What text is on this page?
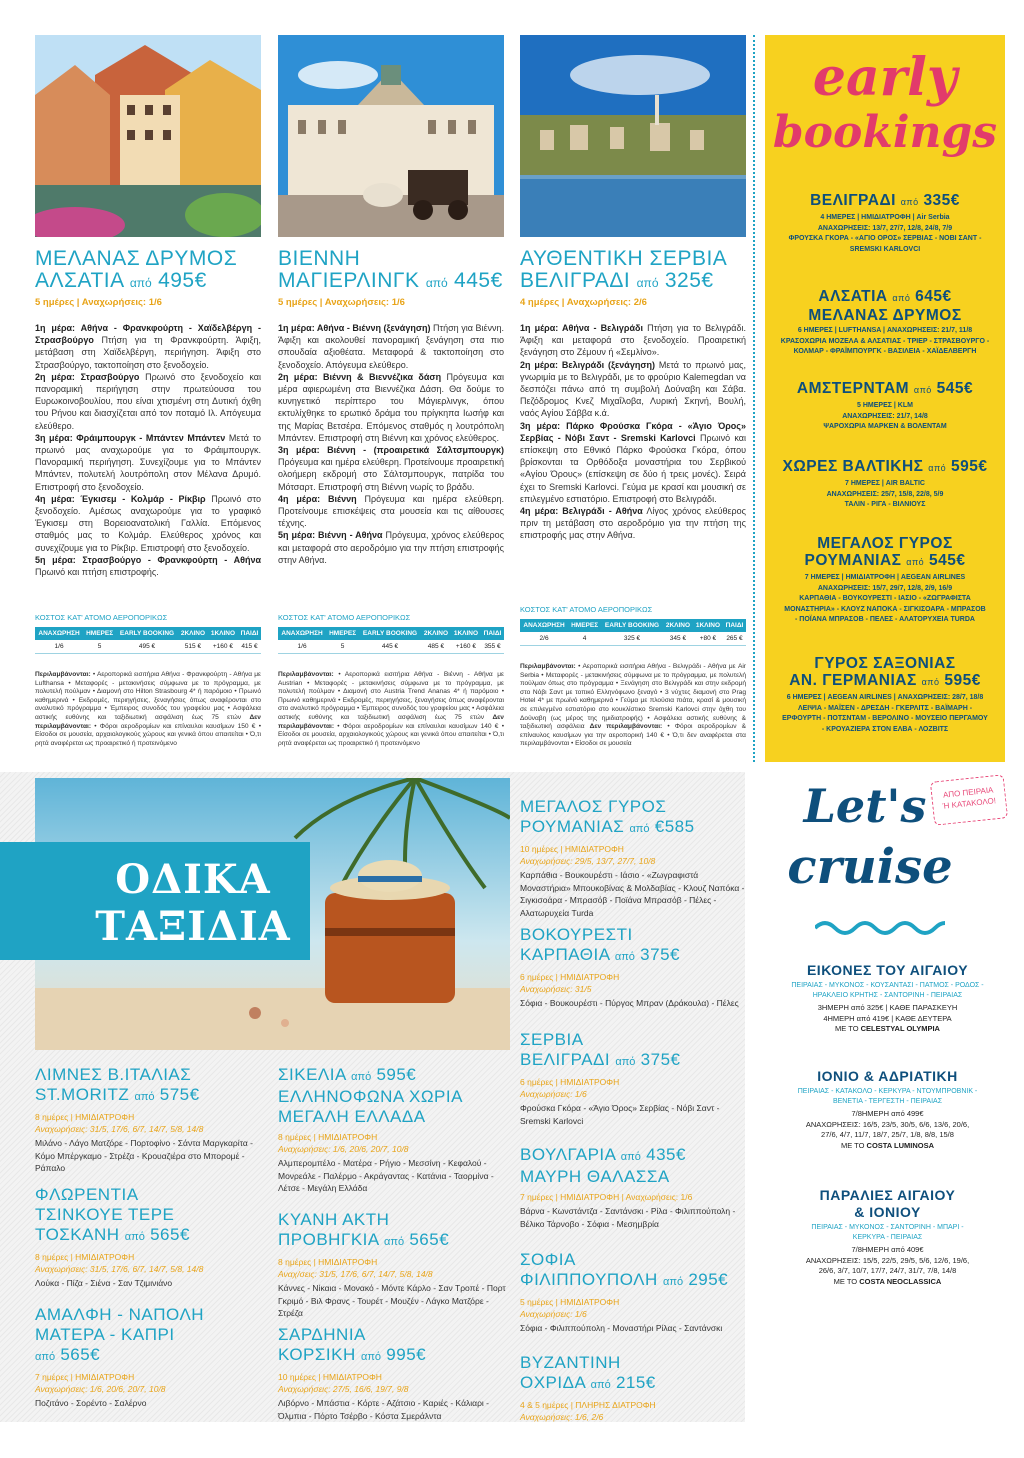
ΜΕΛΑΝΑΣ ΔΡΥΜΟΣ
ΑΛΣΑΤΙΑ από 495€
5 ημέρες | Αναχωρήσεις: 1/6

1η μέρα: Αθήνα - Φρανκφούρτη - Χαϊδελβέργη - Στρασβούργο Πτήση για τη Φρανκφούρτη. Άφιξη, μετάβαση στη Χαϊδελβέργη, περιήγηση. Άφιξη στο Στρασβούργο, τακτοποίηση στο ξενοδοχείο.

2η μέρα: Στρασβούργο Πρωινό στο ξενοδοχείο και πανοραμική περιήγηση στην πρωτεύουσα του Ευρωκοινοβουλίου, που είναι χτισμένη στη Δυτική όχθη του Ρήνου και διασχίζεται από τον ποταμό Ιλ. Απόγευμα ελεύθερο.

3η μέρα: Φράιμπουργκ - Μπάντεν Μπάντεν Μετά το πρωινό μας αναχωρούμε για το Φράιμπουργκ. Πανοραμική περιήγηση. Συνεχίζουμε για το Μπάντεν Μπάντεν, πολυτελή λουτρόπολη στον Μέλανα Δρυμό. Επιστροφή στο ξενοδοχείο.

4η μέρα: Έγκισεμ - Κολμάρ - Ρίκβιρ Πρωινό στο ξενοδοχείο. Αμέσως αναχωρούμε για το γραφικό Έγκισεμ στη Βορειοανατολική Γαλλία. Επόμενος σταθμός μας το Κολμάρ. Ελεύθερος χρόνος και συνεχίζουμε για το Ρίκβιρ. Επιστροφή στο ξενοδοχείο.

5η μέρα: Στρασβούργο - Φρανκφούρτη - Αθήνα Πρωινό και πτήση επιστροφής.

ΚΟΣΤΟΣ ΚΑΤ' ΑΤΟΜΟ ΑΕΡΟΠΟΡΙΚΩΣ
ΑΝΑΧΩΡΗΣΗ	ΗΜΕΡΕΣ	EARLY BOOKING	2ΚΛΙΝΟ	1ΚΛΙΝΟ	ΠΑΙΔΙ
1/6	5	495 €	515 €	+160 €	415 €
Περιλαμβάνονται: • Αεροπορικά εισιτήρια Αθήνα - Φρανκφούρτη - Αθήνα με Lufthansa • Μεταφορές - μετακινήσεις σύμφωνα με το πρόγραμμα, με πολυτελή πούλμαν • Διαμονή στο Hilton Strasbourg 4* ή παρόμοιο • Πρωινό καθημερινά • Εκδρομές, περιηγήσεις, ξεναγήσεις όπως αναφέρονται στο αναλυτικό πρόγραμμα • Έμπειρος συνοδός του γραφείου μας • Ασφάλεια αστικής ευθύνης και ταξιδιωτική ασφάλιση έως 75 ετών Δεν περιλαμβάνονται: • Φόροι αεροδρομίων και επίναυλοι καυσίμων 150 € • Είσοδοι σε μουσεία, αρχαιολογικούς χώρους και γενικά όπου απαιτείται • Ό,τι ρητά αναφέρεται ως προαιρετικό ή προτεινόμενο
ΒΙΕΝΝΗ
ΜΑΓΙΕΡΛΙΝΓΚ από 445€
5 ημέρες | Αναχωρήσεις: 1/6

1η μέρα: Αθήνα - Βιέννη (ξενάγηση) Πτήση για Βιέννη. Άφιξη και ακολουθεί πανοραμική ξενάγηση στα πιο σπουδαία αξιοθέατα. Μεταφορά & τακτοποίηση στο ξενοδοχείο. Απόγευμα ελεύθερο.

2η μέρα: Βιέννη & Βιεννέζικα δάση Πρόγευμα και μέρα αφιερωμένη στα Βιεννέζικα Δάση. Θα δούμε το κυνηγετικό περίπτερο του Μάγιερλινγκ, όπου εκτυλίχθηκε το ερωτικό δράμα του πρίγκηπα Ιωσήφ και της Μαρίας Βετσέρα. Επόμενος σταθμός η λουτρόπολη Μπάντεν. Επιστροφή στη Βιέννη και χρόνος ελεύθερος.

3η μέρα: Βιέννη - (προαιρετικά Σάλτσμπουργκ) Πρόγευμα και ημέρα ελεύθερη. Προτείνουμε προαιρετική ολοήμερη εκδρομή στο Σάλτσμπουργκ, πατρίδα του Μότσαρτ. Επιστροφή στη Βιέννη νωρίς το βράδυ.

4η μέρα: Βιέννη Πρόγευμα και ημέρα ελεύθερη. Προτείνουμε επισκέψεις στα μουσεία και τις αίθουσες τέχνης.

5η μέρα: Βιέννη - Αθήνα Πρόγευμα, χρόνος ελεύθερος και μεταφορά στο αεροδρόμιο για την πτήση επιστροφής στην Αθήνα.

ΚΟΣΤΟΣ ΚΑΤ' ΑΤΟΜΟ ΑΕΡΟΠΟΡΙΚΩΣ
ΑΝΑΧΩΡΗΣΗ	ΗΜΕΡΕΣ	EARLY BOOKING	2ΚΛΙΝΟ	1ΚΛΙΝΟ	ΠΑΙΔΙ
1/6	5	445 €	485 €	+160 €	355 €
Περιλαμβάνονται: • Αεροπορικά εισιτήρια Αθήνα - Βιέννη - Αθήνα με Austrian • Μεταφορές - μετακινήσεις σύμφωνα με το πρόγραμμα, με πολυτελή πούλμαν • Διαμονή στο Austria Trend Ananas 4* ή παρόμοιο • Πρωινό καθημερινά • Εκδρομές, περιηγήσεις, ξεναγήσεις όπως αναφέρονται στο αναλυτικό πρόγραμμα • Έμπειρος συνοδός του γραφείου μας • Ασφάλεια αστικής ευθύνης και ταξιδιωτική ασφάλιση έως 75 ετών Δεν περιλαμβάνονται: • Φόροι αεροδρομίων και επίναυλοι καυσίμων 140 € • Είσοδοι σε μουσεία, αρχαιολογικούς χώρους και γενικά όπου απαιτείται • Ό,τι ρητά αναφέρεται ως προαιρετικό ή προτεινόμενο
ΑΥΘΕΝΤΙΚΗ ΣΕΡΒΙΑ
ΒΕΛΙΓΡΑΔΙ από 325€
4 ημέρες | Αναχωρήσεις: 2/6

1η μέρα: Αθήνα - Βελιγράδι Πτήση για το Βελιγράδι. Άφιξη και μεταφορά στο ξενοδοχείο. Προαιρετική ξενάγηση στο Ζέμουν ή «Σεμλίνο».

2η μέρα: Βελιγράδι (ξενάγηση) Μετά το πρωινό μας, γνωριμία με το Βελιγράδι, με το φρούριο Kalemegdan να δεσπόζει πάνω από τη συμβολή Δούναβη και Σάβα. Πεζόδρομος Κνεζ Μιχαΐλοβα, Λυρική Σκηνή, Βουλή, ναός Αγίου Σάββα κ.ά.

3η μέρα: Πάρκο Φρούσκα Γκόρα - «Άγιο Όρος» Σερβίας - Νόβι Σαντ - Sremski Karlovci Πρωινό και επίσκεψη στο Εθνικό Πάρκο Φρούσκα Γκόρα, όπου βρίσκονται τα Ορθόδοξα μοναστήρια του Σερβικού «Αγίου Όρους» (επίσκεψη σε δύο ή τρεις μονές). Σειρά έχει το Sremski Karlovci. Γεύμα με κρασί και μουσική σε επιλεγμένο εστιατόριο. Επιστροφή στο Βελιγράδι.

4η μέρα: Βελιγράδι - Αθήνα Λίγος χρόνος ελεύθερος πριν τη μετάβαση στο αεροδρόμιο για την πτήση της επιστροφής μας στην Αθήνα.

ΚΟΣΤΟΣ ΚΑΤ' ΑΤΟΜΟ ΑΕΡΟΠΟΡΙΚΩΣ
ΑΝΑΧΩΡΗΣΗ	ΗΜΕΡΕΣ	EARLY BOOKING	2ΚΛΙΝΟ	1ΚΛΙΝΟ	ΠΑΙΔΙ
2/6	4	325 €	345 €	+80 €	265 €
Περιλαμβάνονται: • Αεροπορικά εισιτήρια Αθήνα - Βελιγράδι - Αθήνα με Air Serbia • Μεταφορές - μετακινήσεις σύμφωνα με το πρόγραμμα, με πολυτελή πούλμαν όπως στο πρόγραμμα • Ξενάγηση στο Βελιγράδι και στην εκδρομή στο Νόβι Σαντ με τοπικό Ελληνόφωνο ξεναγό • 3 νύχτες διαμονή στο Prag Hotel 4* με πρωϊνό καθημερινά • Γεύμα με πλούσια πιάτα, κρασί & μουσική σε επιλεγμένο εστιατόριο στο κουκλίστικο Sremski Karlovci στην όχθη του Δούναβη (ως μέρος της ημιδιατροφής) • Ασφάλεια αστικής ευθύνης & ταξιδιωτική ασφάλεια Δεν περιλαμβάνονται: • Φόροι αεροδρομίων & επίναυλος καυσίμων για την αεροπορική 140 € • Ό,τι δεν αναφέρεται στα περιλαμβάνονται • Είσοδοι σε μουσεία
early
bookings
ΒΕΛΙΓΡΑΔΙ από 335€
4 ΗΜΕΡΕΣ | ΗΜΙΔΙΑΤΡΟΦΗ | Air Serbia
ΑΝΑΧΩΡΗΣΕΙΣ: 13/7, 27/7, 12/8, 24/8, 7/9
ΦΡΟΥΣΚΑ ΓΚΟΡΑ - «ΑΓΙΟ ΟΡΟΣ» ΣΕΡΒΙΑΣ - ΝΟΒΙ ΣΑΝΤ -
SREMSKI KARLOVCI
ΑΛΣΑΤΙΑ από 645€
ΜΕΛΑΝΑΣ ΔΡΥΜΟΣ
6 ΗΜΕΡΕΣ | LUFTHANSA | ΑΝΑΧΩΡΗΣΕΙΣ: 21/7, 11/8
ΚΡΑΣΟΧΩΡΙΑ ΜΟΖΕΛΑ & ΑΛΣΑΤΙΑΣ - ΤΡΙΕΡ - ΣΤΡΑΣΒΟΥΡΓΟ -
ΚΟΛΜΑΡ - ΦΡΑΪΜΠΟΥΡΓΚ - ΒΑΣΙΛΕΙΑ - ΧΑΪΔΕΛΒΕΡΓΗ
ΑΜΣΤΕΡΝΤΑΜ από 545€
5 ΗΜΕΡΕΣ | KLM
ΑΝΑΧΩΡΗΣΕΙΣ: 21/7, 14/8
ΨΑΡΟΧΩΡΙΑ ΜΑΡΚΕΝ & ΒΟΛΕΝΤΑΜ
ΧΩΡΕΣ ΒΑΛΤΙΚΗΣ από 595€
7 ΗΜΕΡΕΣ | AIR BALTIC
ΑΝΑΧΩΡΗΣΕΙΣ: 25/7, 15/8, 22/8, 5/9
ΤΑΛΙΝ - ΡΙΓΑ - ΒΙΛΝΙΟΥΣ
ΜΕΓΑΛΟΣ ΓΥΡΟΣ
ΡΟΥΜΑΝΙΑΣ από 545€
7 ΗΜΕΡΕΣ | ΗΜΙΔΙΑΤΡΟΦΗ | AEGEAN AIRLINES
ΑΝΑΧΩΡΗΣΕΙΣ: 15/7, 29/7, 12/8, 2/9, 16/9
ΚΑΡΠΑΘΙΑ - ΒΟΥΚΟΥΡΕΣΤΙ - ΙΑΣΙΟ - «ΖΩΓΡΑΦΙΣΤΑ
ΜΟΝΑΣΤΗΡΙΑ» - ΚΛΟΥΖ ΝΑΠΟΚΑ - ΣΙΓΚΙΣΟΑΡΑ - ΜΠΡΑΣΟΒ
- ΠΟΪΑΝΑ ΜΠΡΑΣΟΒ - ΠΕΛΕΣ - ΑΛΑΤΟΡΥΧΕΙΑ TURDA
ΓΥΡΟΣ ΣΑΞΟΝΙΑΣ
ΑΝ. ΓΕΡΜΑΝΙΑΣ από 595€
6 ΗΜΕΡΕΣ | AEGEAN AIRLINES | ΑΝΑΧΩΡΗΣΕΙΣ: 28/7, 18/8
ΛΕΙΨΙΑ - ΜΑΪΣΕΝ - ΔΡΕΣΔΗ - ΓΚΕΡΛΙΤΣ - ΒΑΪΜΑΡΗ -
ΕΡΦΟΥΡΤΗ - ΠΟΤΣΝΤΑΜ - ΒΕΡΟΛΙΝΟ - ΜΟΥΣΕΙΟ ΠΕΡΓΑΜΟΥ
- ΚΡΟΥΑΖΙΕΡΑ ΣΤΟΝ ΕΛΒΑ - ΛΟΖΒΙΤΣ
ΟΔΙΚΑ
ΤΑΞΙΔΙΑ
ΛΙΜΝΕΣ Β.ΙΤΑΛΙΑΣ
ST.MORITZ από 575€
8 ημέρες | ΗΜΙΔΙΑΤΡΟΦΗ
Αναχωρήσεις: 31/5, 17/6, 6/7, 14/7, 5/8, 14/8
Μιλάνο - Λάγο Ματζόρε - Πορτοφίνο - Σάντα Μαργκαρίτα - Κόμο Μπέργκαμο - Στρέζα - Κρουαζιέρα στο Μπορομέ - Ράπαλο
ΦΛΩΡΕΝΤΙΑ
ΤΣΙΝΚΟΥΕ ΤΕΡΕ
ΤΟΣΚΑΝΗ από 565€
8 ημέρες | ΗΜΙΔΙΑΤΡΟΦΗ
Αναχωρήσεις: 31/5, 17/6, 6/7, 14/7, 5/8, 14/8
Λούκα - Πίζα - Σιένα - Σαν Τζιμινιάνο
ΑΜΑΛΦΗ - ΝΑΠΟΛΗ
ΜΑΤΕΡΑ - ΚΑΠΡΙ
από 565€
7 ημέρες | ΗΜΙΔΙΑΤΡΟΦΗ
Αναχωρήσεις: 1/6, 20/6, 20/7, 10/8
Ποζιτάνο - Σορέντο - Σαλέρνο
ΣΙΚΕΛΙΑ από 595€
ΕΛΛΗΝΟΦΩΝΑ ΧΩΡΙΑ
ΜΕΓΑΛΗ ΕΛΛΑΔΑ
8 ημέρες | ΗΜΙΔΙΑΤΡΟΦΗ
Αναχωρήσεις: 1/6, 20/6, 20/7, 10/8
Αλμπερομπέλο - Ματέρα - Ρήγιο - Μεσσίνη - Κεφαλού - Μονρεάλε - Παλέρμο - Ακράγαντας - Κατάνια - Ταορμίνα - Λέτσε - Μεγάλη Ελλάδα
ΚΥΑΝΗ ΑΚΤΗ
ΠΡΟΒΗΓΚΙΑ από 565€
8 ημέρες | ΗΜΙΔΙΑΤΡΟΦΗ
Αναχ/σεις: 31/5, 17/6, 6/7, 14/7, 5/8, 14/8
Κάννες - Νίκαια - Μονακό - Μόντε Κάρλο - Σαν Τροπέ - Πορτ Γκριμό - Βιλ Φρανς - Τουρέτ - Μουζέν - Λάγκο Ματζόρε - Στρέζα
ΣΑΡΔΗΝΙΑ
ΚΟΡΣΙΚΗ από 995€
10 ημέρες | ΗΜΙΔΙΑΤΡΟΦΗ
Αναχωρήσεις: 27/5, 16/6, 19/7, 9/8
Λιβόρνο - Μπάστια - Κόρτε - Αζάτσιο - Καριές - Κάλιαρι - Όλμπια - Πόρτο Τσέρβο - Κόστα Σμεράλντα
ΜΕΓΑΛΟΣ ΓΥΡΟΣ
ΡΟΥΜΑΝΙΑΣ από €585
10 ημέρες | ΗΜΙΔΙΑΤΡΟΦΗ
Αναχωρήσεις: 29/5, 13/7, 27/7, 10/8
Καρπάθια - Βουκουρέστι - Ιάσιο - «Ζωγραφιστά Μοναστήρια» Μπουκοβίνας & Μολδαβίας - Κλουζ Ναπόκα - Σιγκισοάρα - Μπρασόβ - Ποϊάνα Μπρασόβ - Πέλες - Αλατωρυχεία Turda
ΒΟΚΟΥΡΕΣΤΙ
ΚΑΡΠΑΘΙΑ από 375€
6 ημέρες | ΗΜΙΔΙΑΤΡΟΦΗ
Αναχωρήσεις: 31/5
Σόφια - Βουκουρέστι - Πύργος Μπραν (Δράκουλα) - Πέλες
ΣΕΡΒΙΑ
ΒΕΛΙΓΡΑΔΙ από 375€
6 ημέρες | ΗΜΙΔΙΑΤΡΟΦΗ
Αναχωρήσεις: 1/6
Φρούσκα Γκόρα - «Άγιο Όρος» Σερβίας - Νόβι Σαντ - Sremski Karlovci
ΒΟΥΛΓΑΡΙΑ από 435€
ΜΑΥΡΗ ΘΑΛΑΣΣΑ
7 ημέρες | ΗΜΙΔΙΑΤΡΟΦΗ | Αναχωρήσεις: 1/6
Βάρνα - Κωνστάντζα - Σαντάνσκι - Ρίλα - Φιλιππούπολη - Βέλικο Τάρνοβο - Σόφια - Μεσημβρία
ΣΟΦΙΑ
ΦΙΛΙΠΠΟΥΠΟΛΗ από 295€
5 ημέρες | ΗΜΙΔΙΑΤΡΟΦΗ
Αναχωρήσεις: 1/6
Σόφια - Φιλιππούπολη - Μοναστήρι Ρίλας - Σαντάνσκι
ΒΥΖΑΝΤΙΝΗ
ΟΧΡΙΔΑ από 215€
4 & 5 ημέρες | ΠΛΗΡΗΣ ΔΙΑΤΡΟΦΗ
Αναχωρήσεις: 1/6, 2/6
ΑΠΟ ΠΕΙΡΑΙΑ
Ή ΚΑΤΑΚΟΛΟ!
Let's
cruise
ΕΙΚΟΝΕΣ ΤΟΥ ΑΙΓΑΙΟΥ
ΠΕΙΡΑΙΑΣ - ΜΥΚΟΝΟΣ - ΚΟΥΣΑΝΤΑΣΙ - ΠΑΤΜΟΣ - ΡΟΔΟΣ -
ΗΡΑΚΛΕΙΟ ΚΡΗΤΗΣ - ΣΑΝΤΟΡΙΝΗ - ΠΕΙΡΑΙΑΣ
3ΗΜΕΡΗ από 325€ | ΚΑΘΕ ΠΑΡΑΣΚΕΥΗ
4ΗΜΕΡΗ από 419€ | ΚΑΘΕ ΔΕΥΤΕΡΑ
ΜΕ ΤΟ CELESTYAL OLYMPIA
ΙΟΝΙΟ & ΑΔΡΙΑΤΙΚΗ
ΠΕΙΡΑΙΑΣ - ΚΑΤΑΚΟΛΟ - ΚΕΡΚΥΡΑ - ΝΤΟΥΜΠΡΟΒΝΙΚ -
ΒΕΝΕΤΙΑ - ΤΕΡΓΕΣΤΗ - ΠΕΙΡΑΙΑΣ
7/8ΗΜΕΡΗ από 499€
ΑΝΑΧΩΡΗΣΕΙΣ: 16/5, 23/5, 30/5, 6/6, 13/6, 20/6,
27/6, 4/7, 11/7, 18/7, 25/7, 1/8, 8/8, 15/8
ΜΕ ΤΟ COSTA LUMINOSA
ΠΑΡΑΛΙΕΣ ΑΙΓΑΙΟΥ
& ΙΟΝΙΟΥ
ΠΕΙΡΑΙΑΣ - ΜΥΚΟΝΟΣ - ΣΑΝΤΟΡΙΝΗ - ΜΠΑΡΙ -
ΚΕΡΚΥΡΑ - ΠΕΙΡΑΙΑΣ
7/8ΗΜΕΡΗ από 409€
ΑΝΑΧΩΡΗΣΕΙΣ: 15/5, 22/5, 29/5, 5/6, 12/6, 19/6,
26/6, 3/7, 10/7, 17/7, 24/7, 31/7, 7/8, 14/8
ΜΕ ΤΟ COSTA NEOCLASSICA
